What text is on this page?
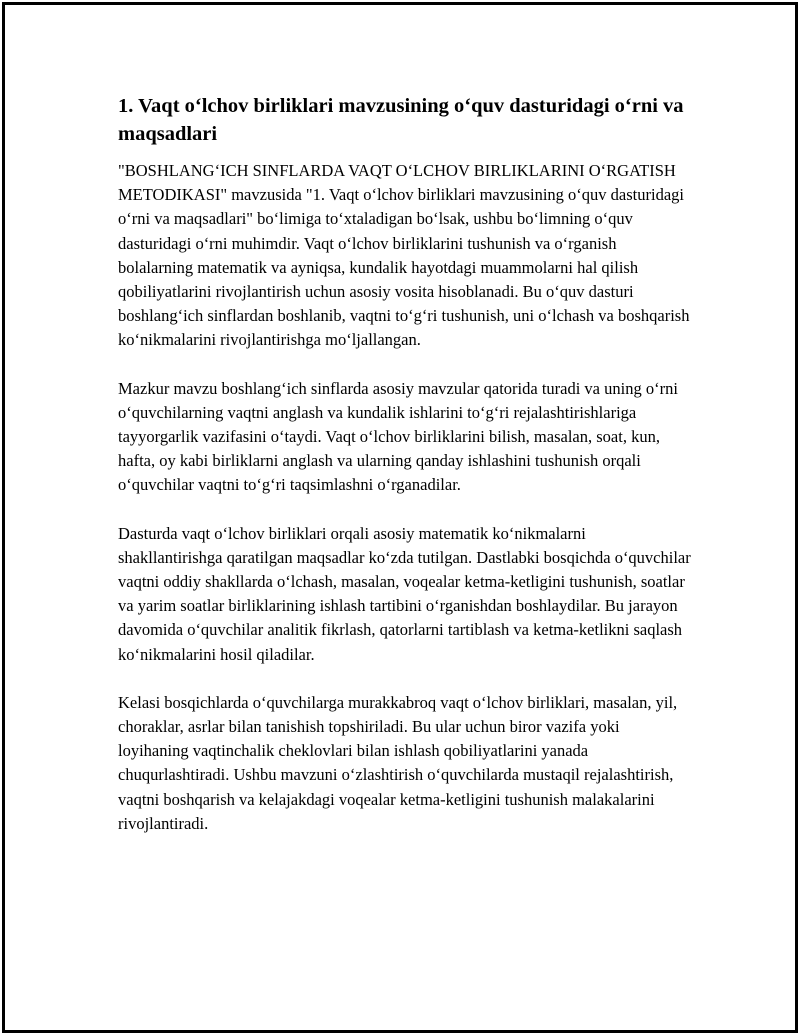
1. Vaqt oʻlchov birliklari mavzusining oʻquv dasturidagi oʻrni va maqsadlari

"BOSHLANGʻICH SINFLARDA VAQT OʻLCHOV BIRLIKLARINI OʻRGATISH METODIKASI" mavzusida "1. Vaqt oʻlchov birliklari mavzusining oʻquv dasturidagi oʻrni va maqsadlari" boʻlimiga toʻxtaladigan boʻlsak, ushbu boʻlimning oʻquv dasturidagi oʻrni muhimdir. Vaqt oʻlchov birliklarini tushunish va oʻrganish bolalarning matematik va ayniqsa, kundalik hayotdagi muammolarni hal qilish qobiliyatlarini rivojlantirish uchun asosiy vosita hisoblanadi. Bu oʻquv dasturi boshlangʻich sinflardan boshlanib, vaqtni toʻgʻri tushunish, uni oʻlchash va boshqarish koʻnikmalarini rivojlantirishga moʻljallangan.

Mazkur mavzu boshlangʻich sinflarda asosiy mavzular qatorida turadi va uning oʻrni oʻquvchilarning vaqtni anglash va kundalik ishlarini toʻgʻri rejalashtirishlariga tayyorgarlik vazifasini oʻtaydi. Vaqt oʻlchov birliklarini bilish, masalan, soat, kun, hafta, oy kabi birliklarni anglash va ularning qanday ishlashini tushunish orqali oʻquvchilar vaqtni toʻgʻri taqsimlashni oʻrganadilar.

Dasturda vaqt oʻlchov birliklari orqali asosiy matematik koʻnikmalarni shakllantirishga qaratilgan maqsadlar koʻzda tutilgan. Dastlabki bosqichda oʻquvchilar vaqtni oddiy shakllarda oʻlchash, masalan, voqealar ketma-ketligini tushunish, soatlar va yarim soatlar birliklarining ishlash tartibini oʻrganishdan boshlaydilar. Bu jarayon davomida oʻquvchilar analitik fikrlash, qatorlarni tartiblash va ketma-ketlikni saqlash koʻnikmalarini hosil qiladilar.

Kelasi bosqichlarda oʻquvchilarga murakkabroq vaqt oʻlchov birliklari, masalan, yil, choraklar, asrlar bilan tanishish topshiriladi. Bu ular uchun biror vazifa yoki loyihaning vaqtinchalik cheklovlari bilan ishlash qobiliyatlarini yanada chuqurlashtiradi. Ushbu mavzuni oʻzlashtirish oʻquvchilarda mustaqil rejalashtirish, vaqtni boshqarish va kelajakdagi voqealar ketma-ketligini tushunish malakalarini rivojlantiradi.
